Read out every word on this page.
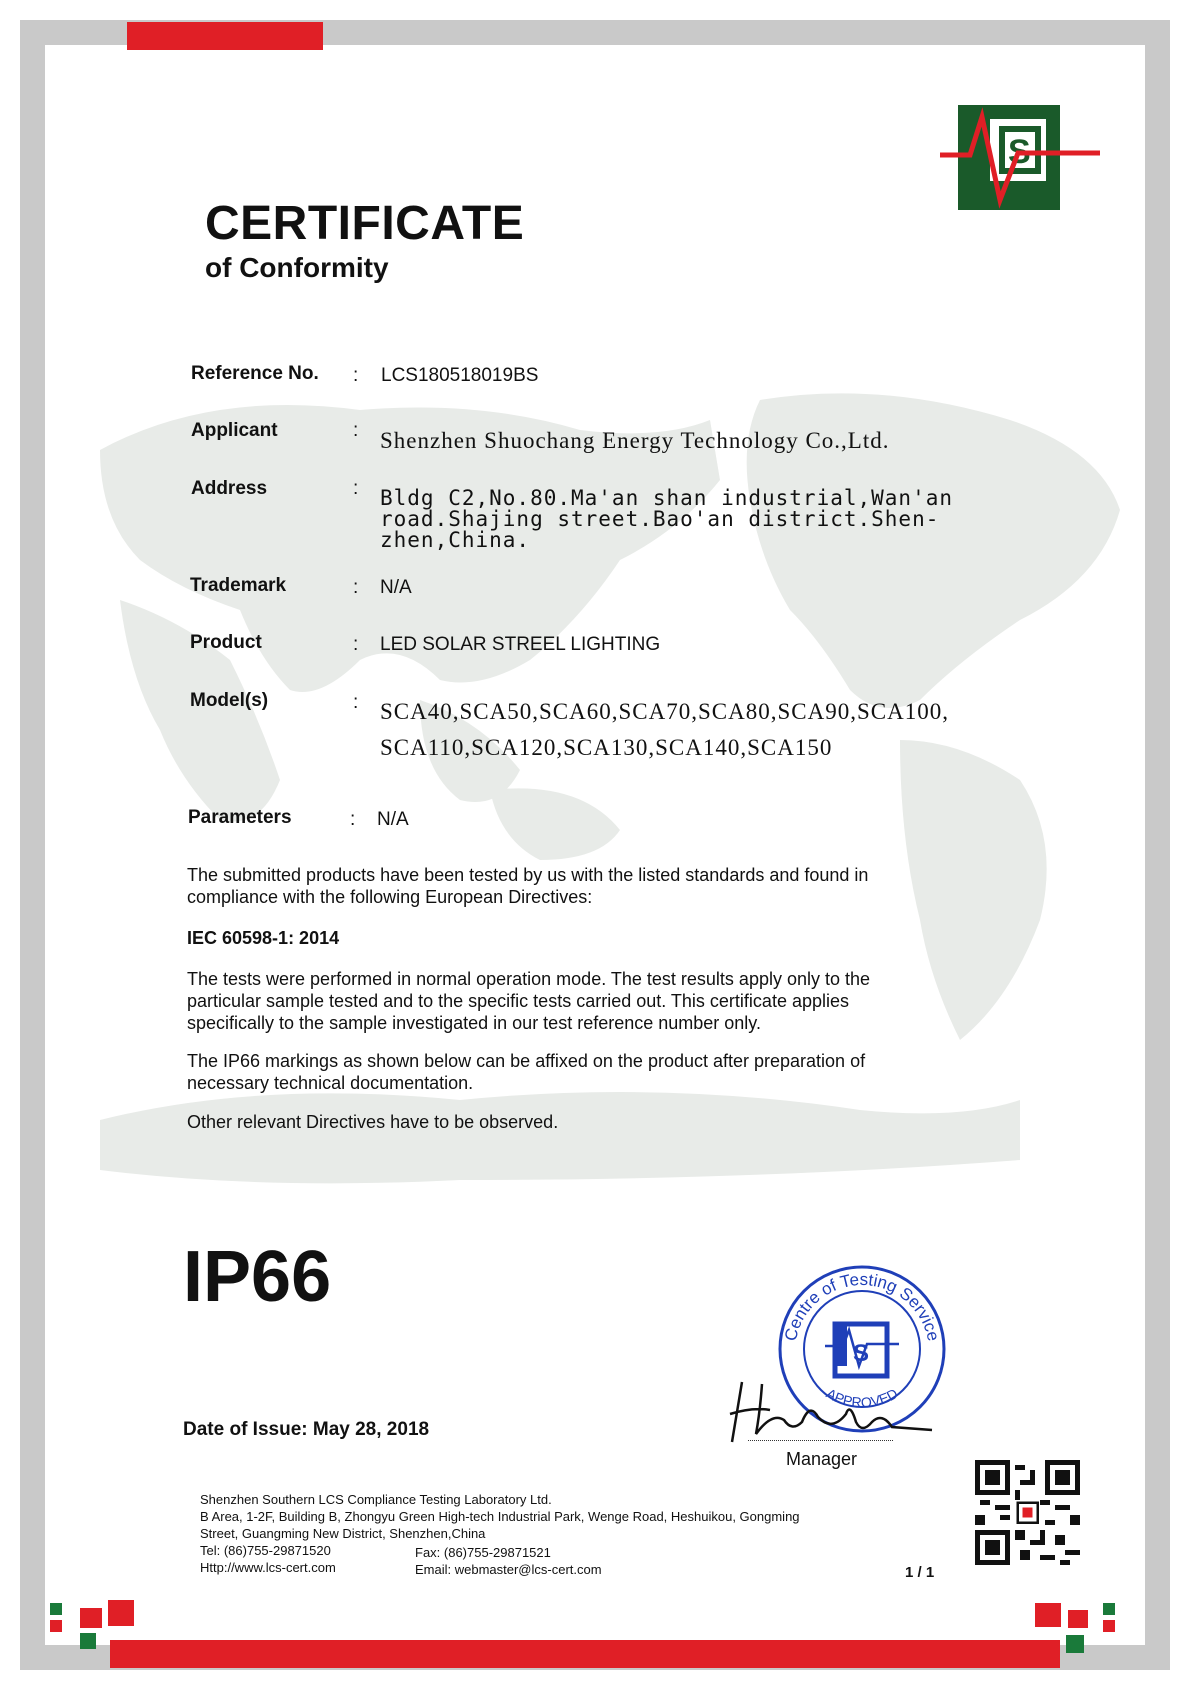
S
CERTIFICATE
of Conformity
Reference No. : LCS180518019BS
Applicant	: Shenzhen Shuochang Energy Technology Co.,Ltd.
Address	: Bldg C2,No.80.Ma'an shan industrial,Wan'an
road.Shajing street.Bao'an district.Shen-
zhen,China.
Trademark	: N/A
Product	: LED SOLAR STREEL LIGHTING
Model(s)	: SCA40,SCA50,SCA60,SCA70,SCA80,SCA90,SCA100,
SCA110,SCA120,SCA130,SCA140,SCA150
Parameters	: N/A
The submitted products have been tested by us with the listed standards and found in
compliance with the following European Directives:
IEC 60598-1: 2014
The tests were performed in normal operation mode. The test results apply only to the
particular sample tested and to the specific tests carried out. This certificate applies
specifically to the sample investigated in our test reference number only.
The IP66 markings as shown below can be affixed on the product after preparation of
necessary technical documentation.
Other relevant Directives have to be observed.
IP66
Date of Issue: May 28, 2018
Centre of Testing Service
APPROVED
S
Manager
Shenzhen Southern LCS Compliance Testing Laboratory Ltd.
B Area, 1-2F, Building B, Zhongyu Green High-tech Industrial Park, Wenge Road, Heshuikou, Gongming
Street, Guangming New District, Shenzhen,China
Tel: (86)755-29871520	Fax: (86)755-29871521
Http://www.lcs-cert.com	Email: webmaster@lcs-cert.com	1 / 1
